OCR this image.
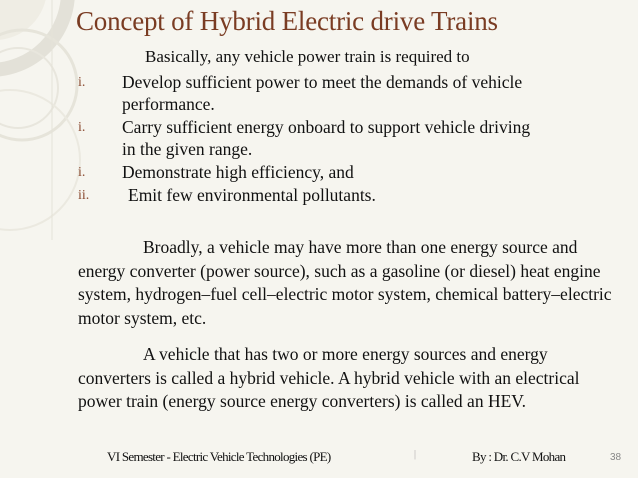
Concept of Hybrid Electric drive Trains
Basically, any vehicle power train is required to
i.	Develop sufficient power to meet the demands of vehicle
performance.
i.	Carry sufficient energy onboard to support vehicle driving
in the given range.
i.	Demonstrate high efficiency, and
ii.	Emit few environmental pollutants.
Broadly, a vehicle may have more than one energy source and energy converter (power source), such as a gasoline (or diesel) heat engine system, hydrogen–fuel cell–electric motor system, chemical battery–electric motor system, etc.
A vehicle that has two or more energy sources and energy converters is called a hybrid vehicle. A hybrid vehicle with an electrical power train (energy source energy converters) is called an HEV.
VI Semester - Electric Vehicle Technologies (PE)	|	By : Dr. C.V Mohan	38
